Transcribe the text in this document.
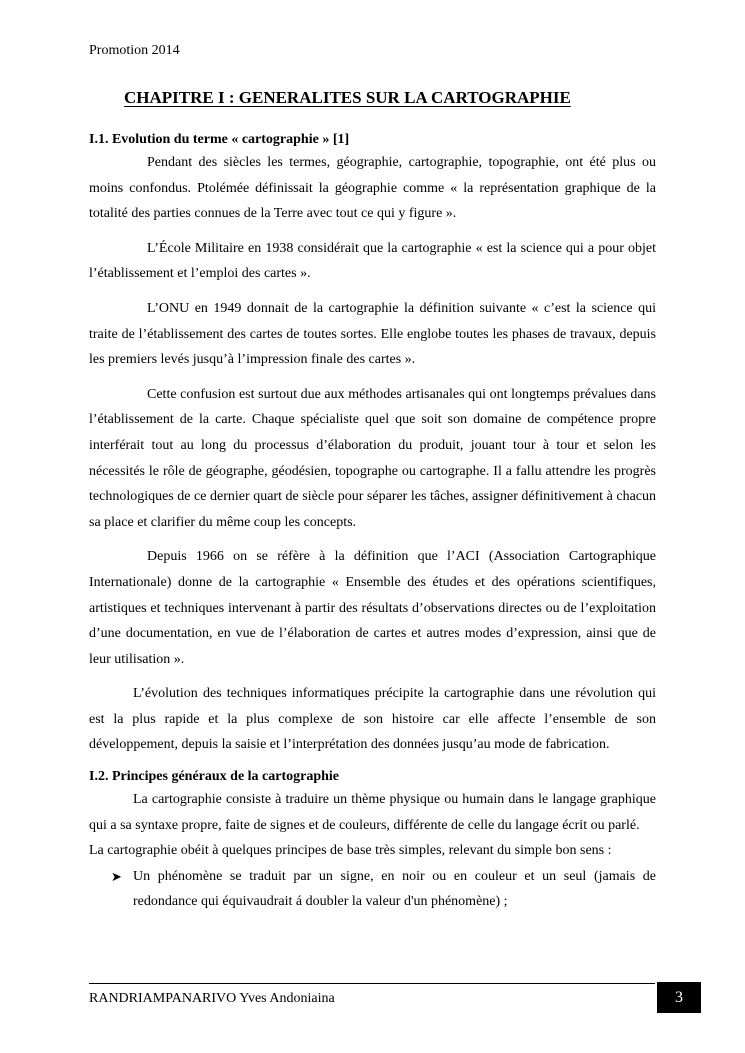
Promotion 2014
CHAPITRE I : GENERALITES SUR LA CARTOGRAPHIE
I.1. Evolution du terme « cartographie » [1]

Pendant des siècles les termes, géographie, cartographie, topographie, ont été plus ou moins confondus. Ptolémée définissait la géographie comme « la représentation graphique de la totalité des parties connues de la Terre avec tout ce qui y figure ».

L’École Militaire en 1938 considérait que la cartographie « est la science qui a pour objet l’établissement et l’emploi des cartes ».

L’ONU en 1949 donnait de la cartographie la définition suivante « c’est la science qui traite de l’établissement des cartes de toutes sortes. Elle englobe toutes les phases de travaux, depuis les premiers levés jusqu’à l’impression finale des cartes ».

Cette confusion est surtout due aux méthodes artisanales qui ont longtemps prévalues dans l’établissement de la carte. Chaque spécialiste quel que soit son domaine de compétence propre interférait tout au long du processus d’élaboration du produit, jouant tour à tour et selon les nécessités le rôle de géographe, géodésien, topographe ou cartographe. Il a fallu attendre les progrès technologiques de ce dernier quart de siècle pour séparer les tâches, assigner définitivement à chacun sa place et clarifier du même coup les concepts.

Depuis 1966 on se réfère à la définition que l’ACI (Association Cartographique Internationale) donne de la cartographie « Ensemble des études et des opérations scientifiques, artistiques et techniques intervenant à partir des résultats d’observations directes ou de l’exploitation d’une documentation, en vue de l’élaboration de cartes et autres modes d’expression, ainsi que de leur utilisation ».

L’évolution des techniques informatiques précipite la cartographie dans une révolution qui est la plus rapide et la plus complexe de son histoire car elle affecte l’ensemble de son développement, depuis la saisie et l’interprétation des données jusqu’au mode de fabrication.

I.2. Principes généraux de la cartographie

La cartographie consiste à traduire un thème physique ou humain dans le langage graphique qui a sa syntaxe propre, faite de signes et de couleurs, différente de celle du langage écrit ou parlé.

La cartographie obéit à quelques principes de base très simples, relevant du simple bon sens :

➤ Un phénomène se traduit par un signe, en noir ou en couleur et un seul (jamais de redondance qui équivaudrait á doubler la valeur d'un phénomène) ;
RANDRIAMPANARIVO Yves Andoniaina	3
